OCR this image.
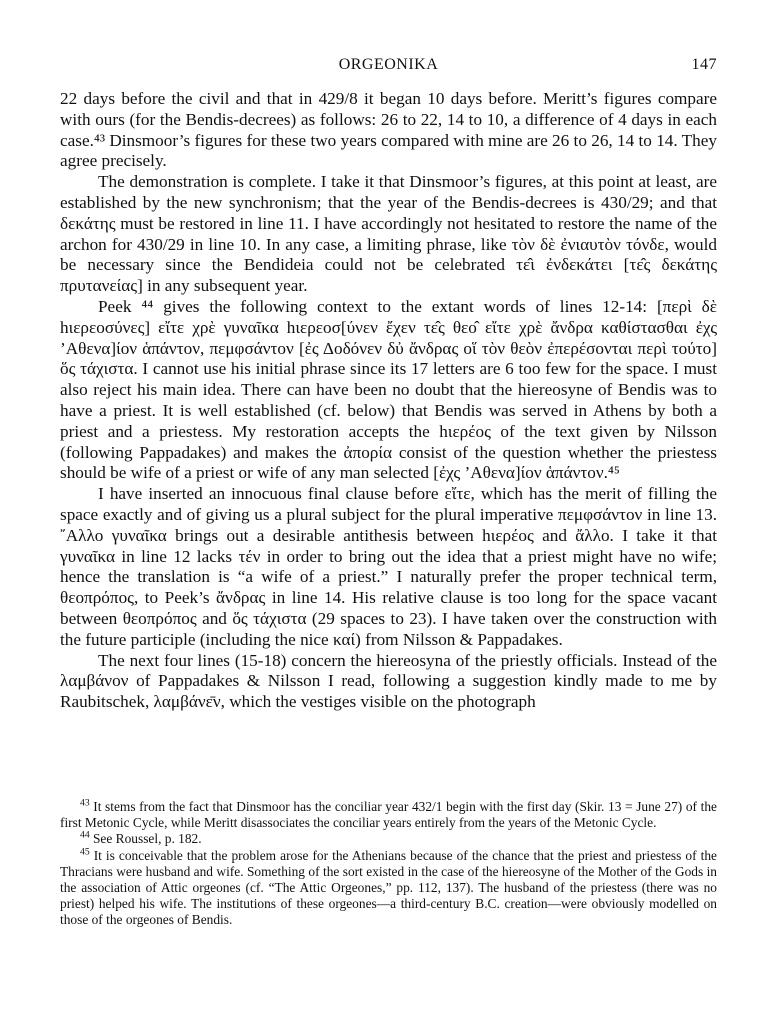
ORGEONIKA	147

22 days before the civil and that in 429/8 it began 10 days before. Meritt’s figures compare with ours (for the Bendis-decrees) as follows: 26 to 22, 14 to 10, a difference of 4 days in each case.⁴³ Dinsmoor’s figures for these two years compared with mine are 26 to 26, 14 to 14. They agree precisely.

The demonstration is complete. I take it that Dinsmoor’s figures, at this point at least, are established by the new synchronism; that the year of the Bendis-decrees is 430/29; and that δεκάτης must be restored in line 11. I have accordingly not hesitated to restore the name of the archon for 430/29 in line 10. In any case, a limiting phrase, like τὸν δὲ ἐνιαυτὸν τόνδε, would be necessary since the Bendideia could not be celebrated τε̂ι ἐνδεκάτει [τε̂ς δεκάτης πρυτανείας] in any subsequent year.

Peek ⁴⁴ gives the following context to the extant words of lines 12-14: [περὶ δὲ hιερεοσύνες] εἴτε χρὲ γυναῖκα hιερεοσ[ύνεν ἔχεν τε̂ς θεο̂ εἴτε χρὲ ἄνδρα καθίστασθαι ἐχς ’Αθενα]ίον ἁπάντον, πεμφσάντον [ἐς Δοδόνεν δὐ ἄνδρας οἵ τὸν θεὸν ἐπερέσονται περὶ τούτο] ὅς τάχιστα. I cannot use his initial phrase since its 17 letters are 6 too few for the space. I must also reject his main idea. There can have been no doubt that the hiereosyne of Bendis was to have a priest. It is well established (cf. below) that Bendis was served in Athens by both a priest and a priestess. My restoration accepts the hιερέος of the text given by Nilsson (following Pappadakes) and makes the ἀπορία consist of the question whether the priestess should be wife of a priest or wife of any man selected [ἐχς ’Αθενα]ίον ἁπάντον.⁴⁵

I have inserted an innocuous final clause before εἴτε, which has the merit of filling the space exactly and of giving us a plural subject for the plural imperative πεμφσάντον in line 13. ῎Αλλο γυναῖκα brings out a desirable antithesis between hιερέος and ἄλλο. I take it that γυναῖκα in line 12 lacks τέν in order to bring out the idea that a priest might have no wife; hence the translation is “a wife of a priest.” I naturally prefer the proper technical term, θεοπρόπος, to Peek’s ἄνδρας in line 14. His relative clause is too long for the space vacant between θεοπρόπος and ὅς τάχιστα (29 spaces to 23). I have taken over the construction with the future participle (including the nice καί) from Nilsson & Pappadakes.

The next four lines (15-18) concern the hiereosyna of the priestly officials. Instead of the λαμβάνον of Pappadakes & Nilsson I read, following a suggestion kindly made to me by Raubitschek, λαμβάνε̄ν, which the vestiges visible on the photograph

$^{43}$ It stems from the fact that Dinsmoor has the conciliar year 432/1 begin with the first day (Skir. 13 = June 27) of the first Metonic Cycle, while Meritt disassociates the conciliar years entirely from the years of the Metonic Cycle.

$^{44}$ See Roussel, p. 182.

$^{45}$ It is conceivable that the problem arose for the Athenians because of the chance that the priest and priestess of the Thracians were husband and wife. Something of the sort existed in the case of the hiereosyne of the Mother of the Gods in the association of Attic orgeones (cf. “The Attic Orgeones,” pp. 112, 137). The husband of the priestess (there was no priest) helped his wife. The institutions of these orgeones—a third-century B.C. creation—were obviously modelled on those of the orgeones of Bendis.
